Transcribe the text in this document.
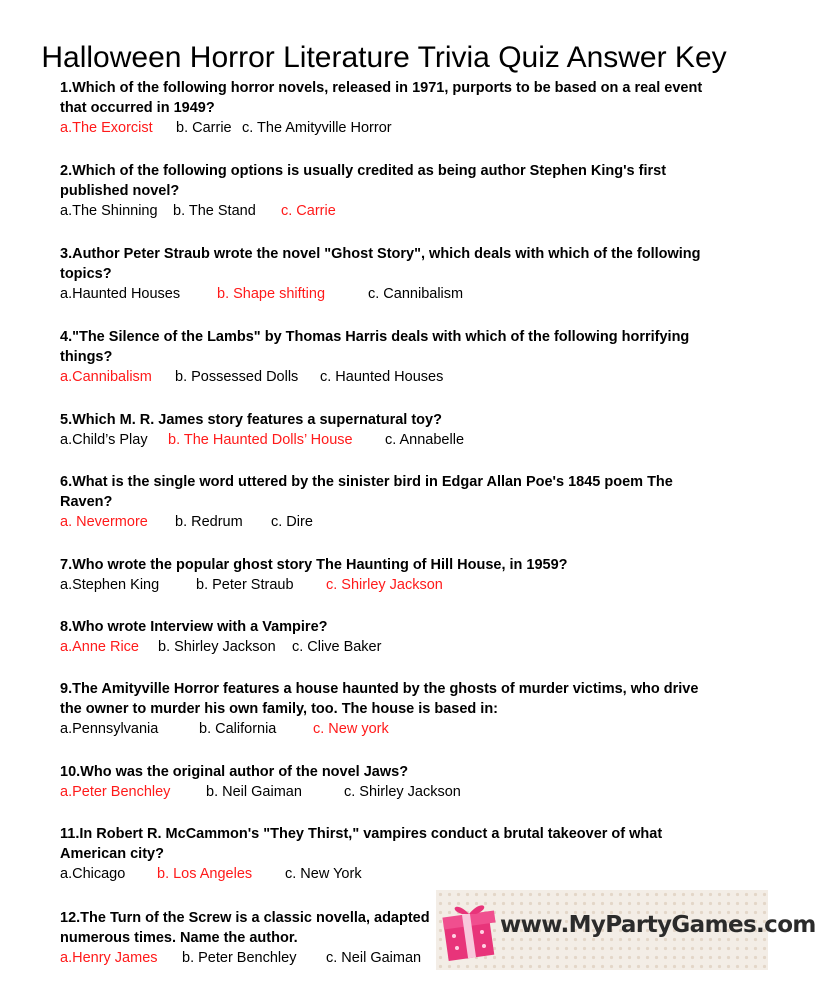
Halloween Horror Literature Trivia Quiz Answer Key
1.Which of the following horror novels, released in 1971, purports to be based on a real event that occurred in 1949?
a.The Exorcist b. Carrie c. The Amityville Horror
2.Which of the following options is usually credited as being author Stephen King's first published novel?
a.The Shinning b. The Stand c. Carrie
3.Author Peter Straub wrote the novel "Ghost Story", which deals with which of the following topics?
a.Haunted Houses	b. Shape shifting	c. Cannibalism
4."The Silence of the Lambs" by Thomas Harris deals with which of the following horrifying things?
a.Cannibalism b. Possessed Dolls c. Haunted Houses
5.Which M. R. James story features a supernatural toy?
a.Child’s Play b. The Haunted Dolls’ House c. Annabelle
6.What is the single word uttered by the sinister bird in Edgar Allan Poe's 1845 poem The Raven?
a. Nevermore b. Redrum c. Dire
7.Who wrote the popular ghost story The Haunting of Hill House, in 1959?
a.Stephen King	b. Peter Straub c. Shirley Jackson
8.Who wrote Interview with a Vampire?
a.Anne Rice b. Shirley Jackson c. Clive Baker
9.The Amityville Horror features a house haunted by the ghosts of murder victims, who drive the owner to murder his own family, too. The house is based in:
a.Pennsylvania	b. California	c. New york
10.Who was the original author of the novel Jaws?
a.Peter Benchley b. Neil Gaiman	c. Shirley Jackson
11.In Robert R. McCammon's "They Thirst," vampires conduct a brutal takeover of what American city?
a.Chicago b. Los Angeles c. New York
12.The Turn of the Screw is a classic novella, adapted numerous times. Name the author.
a.Henry James b. Peter Benchley c. Neil Gaiman
www.MyPartyGames.com
